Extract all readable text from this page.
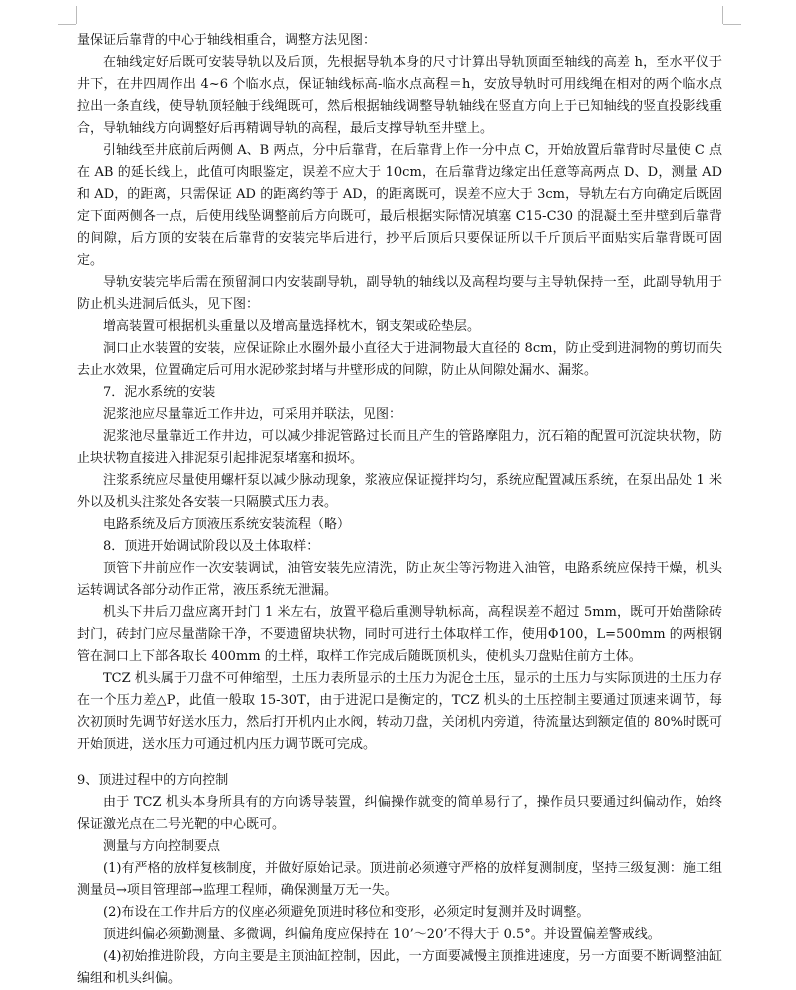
量保证后靠背的中心于轴线相重合，调整方法见图：

在轴线定好后既可安装导轨以及后顶，先根据导轨本身的尺寸计算出导轨顶面至轴线的高差 h，至水平仪于井下，在井四周作出 4~6 个临水点，保证轴线标高-临水点高程＝h，安放导轨时可用线绳在相对的两个临水点拉出一条直线，使导轨顶轻触于线绳既可，然后根据轴线调整导轨轴线在竖直方向上于已知轴线的竖直投影线重合，导轨轴线方向调整好后再精调导轨的高程，最后支撑导轨至井壁上。

引轴线至井底前后两侧 A、B 两点，分中后靠背，在后靠背上作一分中点 C，开始放置后靠背时尽量使 C 点在 AB 的延长线上，此值可肉眼鉴定，误差不应大于 10cm，在后靠背边缘定出任意等高两点 D、D，测量 AD 和 AD，的距离，只需保证 AD 的距离约等于 AD，的距离既可，误差不应大于 3cm，导轨左右方向确定后既固定下面两侧各一点，后使用线坠调整前后方向既可，最后根据实际情况填塞 C15-C30 的混凝土至井壁到后靠背的间隙，后方顶的安装在后靠背的安装完毕后进行，抄平后顶后只要保证所以千斤顶后平面贴实后靠背既可固定。

导轨安装完毕后需在预留洞口内安装副导轨，副导轨的轴线以及高程均要与主导轨保持一至，此副导轨用于防止机头进洞后低头，见下图：

增高装置可根据机头重量以及增高量选择枕木，钢支架或砼垫层。

洞口止水装置的安装，应保证除止水圈外最小直径大于进洞物最大直径的 8cm，防止受到进洞物的剪切而失去止水效果，位置确定后可用水泥砂浆封堵与井壁形成的间隙，防止从间隙处漏水、漏浆。

7．泥水系统的安装

泥浆池应尽量靠近工作井边，可采用并联法，见图：

泥浆池尽量靠近工作井边，可以减少排泥管路过长而且产生的管路摩阻力，沉石箱的配置可沉淀块状物，防止块状物直接进入排泥泵引起排泥泵堵塞和损坏。

注浆系统应尽量使用螺杆泵以减少脉动现象，浆液应保证搅拌均匀，系统应配置减压系统，在泵出品处 1 米外以及机头注浆处各安装一只隔膜式压力表。

电路系统及后方顶液压系统安装流程（略）

8．顶进开始调试阶段以及土体取样：

顶管下井前应作一次安装调试，油管安装先应清洗，防止灰尘等污物进入油管，电路系统应保持干燥，机头运转调试各部分动作正常，液压系统无泄漏。

机头下井后刀盘应离开封门 1 米左右，放置平稳后重测导轨标高，高程误差不超过 5mm，既可开始凿除砖封门，砖封门应尽量凿除干净，不要遗留块状物，同时可进行土体取样工作，使用Φ100，L=500mm 的两根钢管在洞口上下部各取长 400mm 的土样，取样工作完成后随既顶机头，使机头刀盘贴住前方土体。

TCZ 机头属于刀盘不可伸缩型，土压力表所显示的土压力为泥仓土压，显示的土压力与实际顶进的土压力存在一个压力差△P，此值一般取 15-30T，由于进泥口是衡定的，TCZ 机头的土压控制主要通过顶速来调节，每次初顶时先调节好送水压力，然后打开机内止水阀，转动刀盘，关闭机内旁道，待流量达到额定值的 80%时既可开始顶进，送水压力可通过机内压力调节既可完成。

9、顶进过程中的方向控制

由于 TCZ 机头本身所具有的方向诱导装置，纠偏操作就变的简单易行了，操作员只要通过纠偏动作，始终保证激光点在二号光靶的中心既可。

测量与方向控制要点

(1)有严格的放样复核制度，并做好原始记录。顶进前必须遵守严格的放样复测制度，坚持三级复测：施工组测量员→项目管理部→监理工程师，确保测量万无一失。

(2)布设在工作井后方的仪座必须避免顶进时移位和变形，必须定时复测并及时调整。

顶进纠偏必须勤测量、多微调，纠偏角度应保持在 10’～20’不得大于 0.5°。并设置偏差警戒线。

(4)初始推进阶段，方向主要是主顶油缸控制，因此，一方面要减慢主顶推进速度，另一方面要不断调整油缸编组和机头纠偏。
